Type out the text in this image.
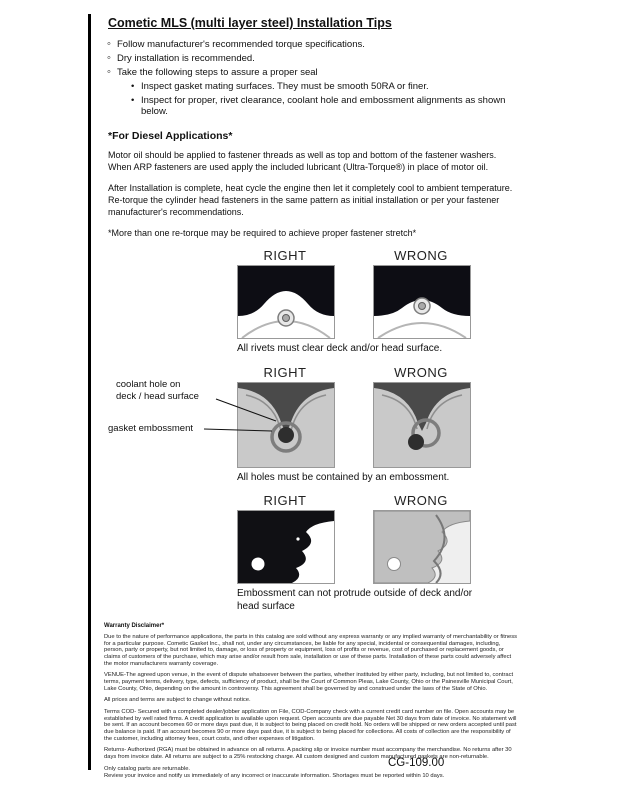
Cometic MLS (multi layer steel) Installation Tips
◦ Follow manufacturer's recommended torque specifications.
◦ Dry installation is recommended.
◦ Take the following steps to assure a proper seal
• Inspect gasket mating surfaces. They must be smooth 50RA or finer.
• Inspect for proper, rivet clearance, coolant hole and embossment alignments as shown below.
*For Diesel Applications*

Motor oil should be applied to fastener threads as well as top and bottom of the fastener washers. When ARP fasteners are used apply the included lubricant (Ultra-Torque®) in place of motor oil.

After Installation is complete, heat cycle the engine then let it completely cool to ambient temperature. Re-torque the cylinder head fasteners in the same pattern as initial installation or per your fastener manufacturer's recommendations.

*More than one re-torque may be required to achieve proper fastener stretch*

RIGHT	WRONG
All rivets must clear deck and/or head surface.
coolant hole on
deck / head surface
gasket embossment
RIGHT	WRONG
All holes must be contained by an embossment.
RIGHT	WRONG
Embossment can not protrude outside of deck and/or head surface
Warranty Disclaimer*

Due to the nature of performance applications, the parts in this catalog are sold without any express warranty or any implied warranty of merchantability or fitness for a particular purpose. Cometic Gasket Inc., shall not, under any circumstances, be liable for any special, incidental or consequential damages, including, person, party or property, but not limited to, damage, or loss of property or equipment, loss of profits or revenue, cost of purchased or replacement goods, or claims of customers of the purchase, which may arise and/or result from sale, installation or use of these parts. Installation of these parts could adversely affect the motor manufacturers warranty coverage.

VENUE-The agreed upon venue, in the event of dispute whatsoever between the parties, whether instituted by either party, including, but not limited to, contract terms, payment terms, delivery, type, defects, sufficiency of product, shall be the Court of Common Pleas, Lake County, Ohio or the Painesville Municipal Court, Lake County, Ohio, depending on the amount in controversy. This agreement shall be governed by and construed under the laws of the State of Ohio.

All prices and terms are subject to change without notice.

Terms COD- Secured with a completed dealer/jobber application on File, COD-Company check with a current credit card number on file. Open accounts may be established by well rated firms. A credit application is available upon request. Open accounts are due payable Net 30 days from date of invoice. No statement will be sent. If an account becomes 60 or more days past due, it is subject to being placed on credit hold. No orders will be shipped or new orders accepted until past due balance is paid. If an account becomes 90 or more days past due, it is subject to being placed for collections. All costs of collection are the responsibility of the customer, including attorney fees, court costs, and other expenses of litigation.

Returns- Authorized (RGA) must be obtained in advance on all returns. A packing slip or invoice number must accompany the merchandise. No returns after 30 days from invoice date. All returns are subject to a 25% restocking charge. All custom designed and custom manufactured gaskets are non-returnable.

Only catalog parts are returnable.

Review your invoice and notify us immediately of any incorrect or inaccurate information. Shortages must be reported within 10 days.

CG-109.00
